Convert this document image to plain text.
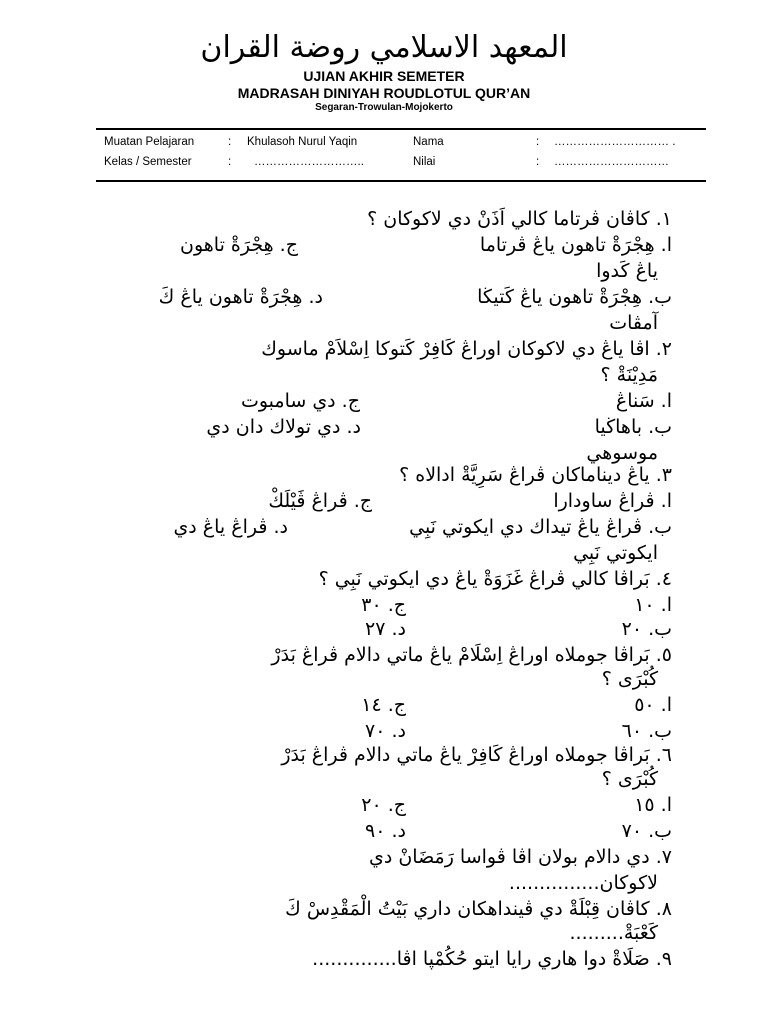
المعهد الاسلامي روضة القران
UJIAN AKHIR SEMETER
MADRASAH DINIYAH ROUDLOTUL QUR’AN
Segaran-Trowulan-Mojokerto
Muatan Pelajaran	: Khulasoh Nurul Yaqin	Nama	: ………………………… .
Kelas / Semester	: ………………………..	Nilai	: …………………………
١. كاڤان ڤرتاما كالي اَذَنْ دي لاكوكان ؟
ا. هِجْرَةْ تاهون ياڠ ڤرتاما
ج. هِجْرَةْ تاهون
ياڠ كَدوا
ب. هِجْرَةْ تاهون ياڠ كَتيڬا
د. هِجْرَةْ تاهون ياڠ كَ
آمڤات
٢. اڤا ياڠ دي لاكوكان اوراڠ كَافِرْ كَتوكا اِسْلاَمْ ماسوك
مَدِيْنَةْ ؟
ا. سَناڠ
ج. دي سامبوت
ب. باهاڬيا
د. دي تولاك دان دي
موسوهي
٣. ياڠ ديناماكان ڤراڠ سَرِيَّةْ ادالاه ؟
ا. ڤراڠ ساودارا
ج. ڤراڠ ڤَيْلَكْ
ب. ڤراڠ ياڠ تيداك دي ايكوتي نَبِي
د. ڤراڠ ياڠ دي
ايكوتي نَبِي
٤. بَراڤا كالي ڤراڠ غَزَوَةْ ياڠ دي ايكوتي نَبِي ؟
ا. ١٠
ج. ٣٠
ب. ٢٠
د. ٢٧
٥. بَراڤا جوملاه اوراڠ اِسْلَامْ ياڠ ماتي دالام ڤراڠ بَدَرْ
كُبْرَى ؟
ا. ٥٠
ج. ١٤
ب. ٦٠
د. ٧٠
٦. بَراڤا جوملاه اوراڠ كَافِرْ ياڠ ماتي دالام ڤراڠ بَدَرْ
كُبْرَى ؟
ا. ١٥
ج. ٢٠
ب. ٧٠
د. ٩٠
٧. دي دالام بولان اڤا ڤواسا رَمَضَانْ دي
لاكوكان...............
٨. كاڤان قِبْلَةْ دي ڤينداهكان داري بَيْتُ الْمَقْدِسْ كَ
كَعْبَةْ.........
٩. صَلَاةْ دوا هاري رايا ايتو حُكُمْڽا اڤا..............
